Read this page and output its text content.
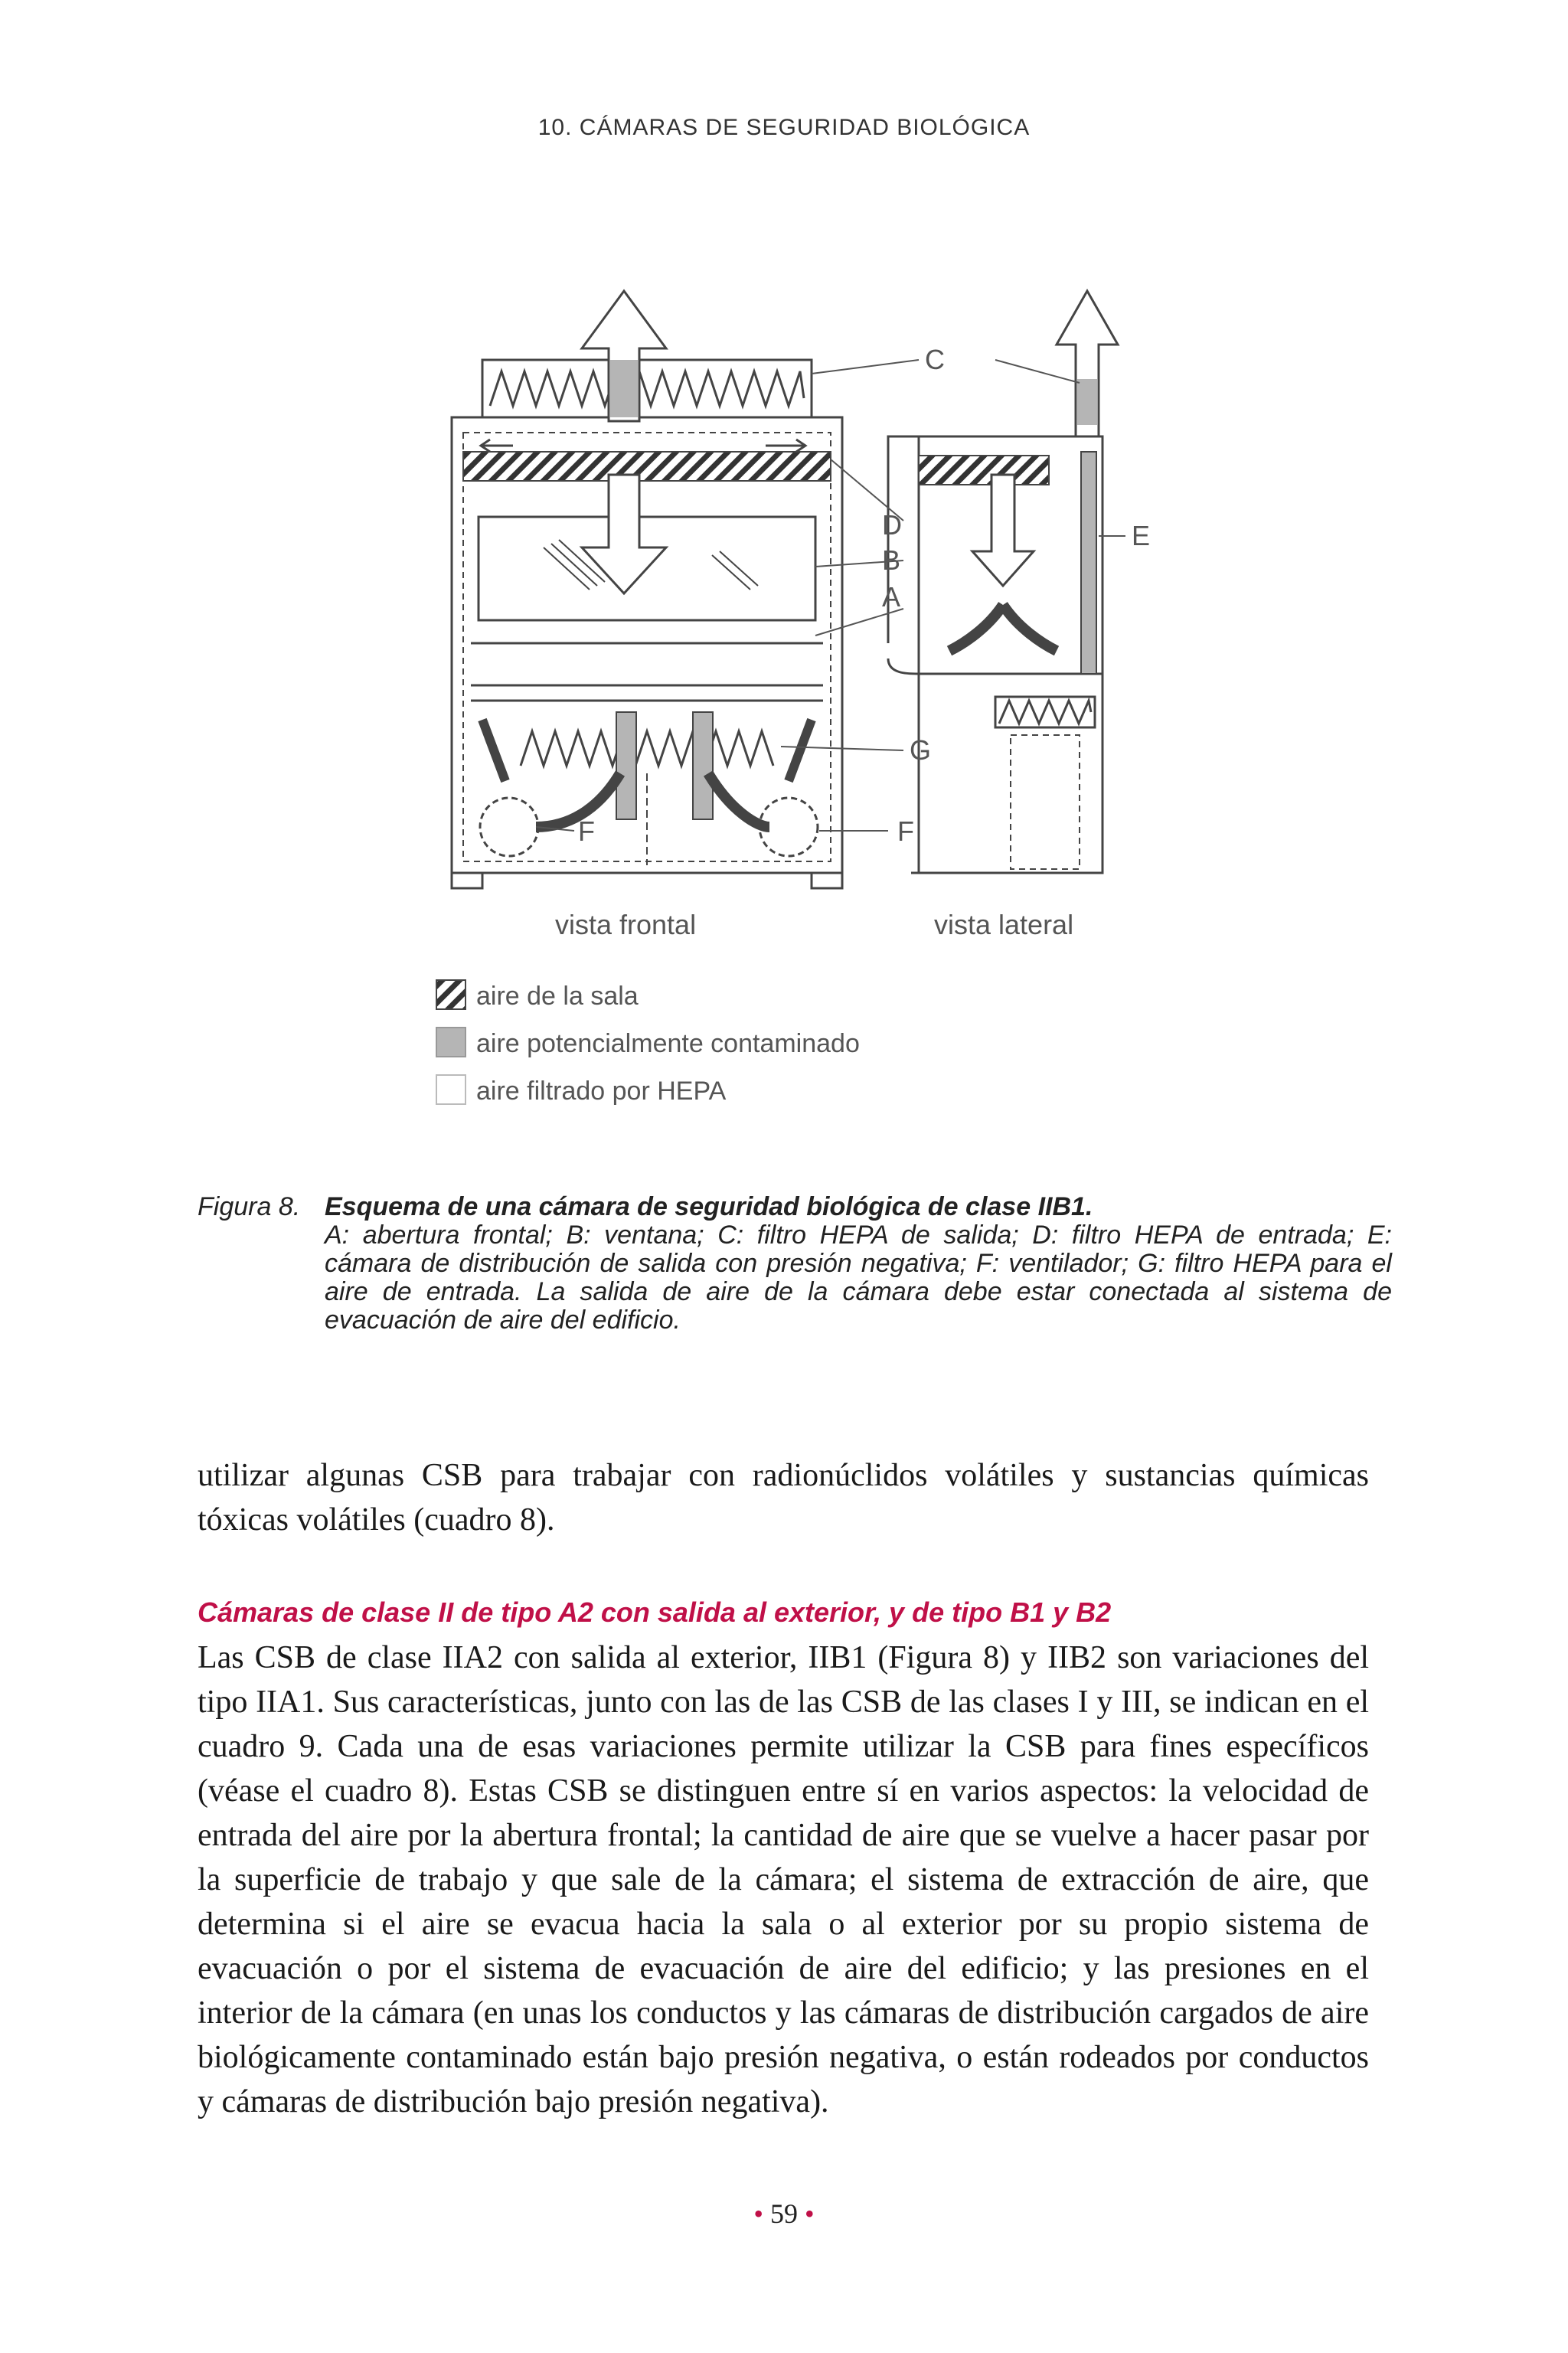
10. CÁMARAS DE SEGURIDAD BIOLÓGICA
C
D
B
A
E
G
F	F
vista frontal	vista lateral
aire de la sala
aire potencialmente contaminado
aire filtrado por HEPA
Figura 8. Esquema de una cámara de seguridad biológica de clase IIB1.
A: abertura frontal; B: ventana; C: filtro HEPA de salida; D: filtro HEPA de entrada; E: cámara de distribución de salida con presión negativa; F: ventilador; G: filtro HEPA para el aire de entrada. La salida de aire de la cámara debe estar conectada al sistema de evacuación de aire del edificio.
utilizar algunas CSB para trabajar con radionúclidos volátiles y sustancias químicas tóxicas volátiles (cuadro 8).
Cámaras de clase II de tipo A2 con salida al exterior, y de tipo B1 y B2
Las CSB de clase IIA2 con salida al exterior, IIB1 (Figura 8) y IIB2 son variaciones del tipo IIA1. Sus características, junto con las de las CSB de las clases I y III, se indican en el cuadro 9. Cada una de esas variaciones permite utilizar la CSB para fines específicos (véase el cuadro 8). Estas CSB se distinguen entre sí en varios aspectos: la velocidad de entrada del aire por la abertura frontal; la cantidad de aire que se vuelve a hacer pasar por la superficie de trabajo y que sale de la cámara; el sistema de extracción de aire, que determina si el aire se evacua hacia la sala o al exterior por su propio sistema de evacuación o por el sistema de evacuación de aire del edificio; y las presiones en el interior de la cámara (en unas los conductos y las cámaras de distribución cargados de aire biológicamente contaminado están bajo presión negativa, o están rodeados por conductos y cámaras de distribución bajo presión negativa).
• 59 •
